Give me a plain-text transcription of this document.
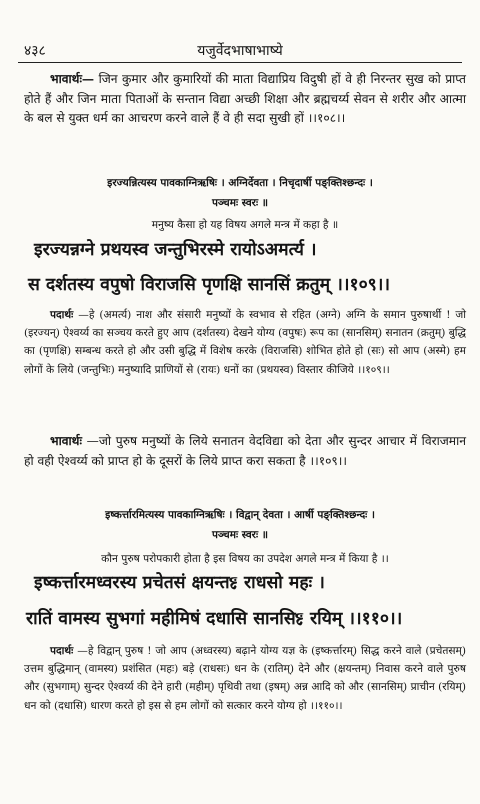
४३८	यजुर्वेदभाषाभाष्ये
भावार्थः— जिन कुमार और कुमारियों की माता विद्याप्रिय विदुषी हों वे ही निरन्तर सुख को प्राप्त होते हैं और जिन माता पिताओं के सन्तान विद्या अच्छी शिक्षा और ब्रह्मचर्य्य सेवन से शरीर और आत्मा के बल से युक्त धर्म का आचरण करने वाले हैं वे ही सदा सुखी हों ।।१०८।।
इरज्यन्नित्यस्य पावकाग्निऋषिः । अग्निर्देवता । निचृदार्षी पङ्क्तिश्छन्दः ।
पञ्चमः स्वरः ॥
मनुष्य कैसा हो यह विषय अगले मन्त्र में कहा है ॥
इरज्यन्नग्ने प्रथयस्व जन्तुभिरस्मे रायोऽअमर्त्य ।
स दर्शतस्य वपुषो विराजसि पृणक्षि सानसिं क्रतुम् ।।१०९।।
पदार्थः —हे (अमर्त्य) नाश और संसारी मनुष्यों के स्वभाव से रहित (अग्ने) अग्नि के समान पुरुषार्थी ! जो (इरज्यन्) ऐश्वर्य्य का सञ्चय करते हुए आप (दर्शतस्य) देखने योग्य (वपुषः) रूप का (सानसिम्) सनातन (क्रतुम्) बुद्धि का (पृणक्षि) सम्बन्ध करते हो और उसी बुद्धि में विशेष करके (विराजसि) शोभित होते हो (सः) सो आप (अस्मे) हम लोगों के लिये (जन्तुभिः) मनुष्यादि प्राणियों से (रायः) धनों का (प्रथयस्व) विस्तार कीजिये ।।१०९।।
भावार्थः —जो पुरुष मनुष्यों के लिये सनातन वेदविद्या को देता और सुन्दर आचार में विराजमान हो वही ऐश्वर्य्य को प्राप्त हो के दूसरों के लिये प्राप्त करा सकता है ।।१०९।।
इष्कर्त्तारमित्यस्य पावकाग्निऋषिः । विद्वान् देवता । आर्षी पङ्क्तिश्छन्दः ।
पञ्चमः स्वरः ॥
कौन पुरुष परोपकारी होता है इस विषय का उपदेश अगले मन्त्र में किया है ।।
इष्कर्त्तारमध्वरस्य प्रचेतसं क्षयन्तᳯ राधसो महः ।
रातिं वामस्य सुभगां महीमिषं दधासि सानसिᳯ रयिम् ।।११०।।
पदार्थः —हे विद्वान् पुरुष ! जो आप (अध्वरस्य) बढ़ाने योग्य यज्ञ के (इष्कर्त्तारम्) सिद्ध करने वाले (प्रचेतसम्) उत्तम बुद्धिमान् (वामस्य) प्रशंसित (महः) बड़े (राधसः) धन के (रातिम्) देने और (क्षयन्तम्) निवास करने वाले पुरुष और (सुभगाम्) सुन्दर ऐश्वर्य्य की देने हारी (महीम्) पृथिवी तथा (इषम्) अन्न आदि को और (सानसिम्) प्राचीन (रयिम्) धन को (दधासि) धारण करते हो इस से हम लोगों को सत्कार करने योग्य हो ।।११०।।
